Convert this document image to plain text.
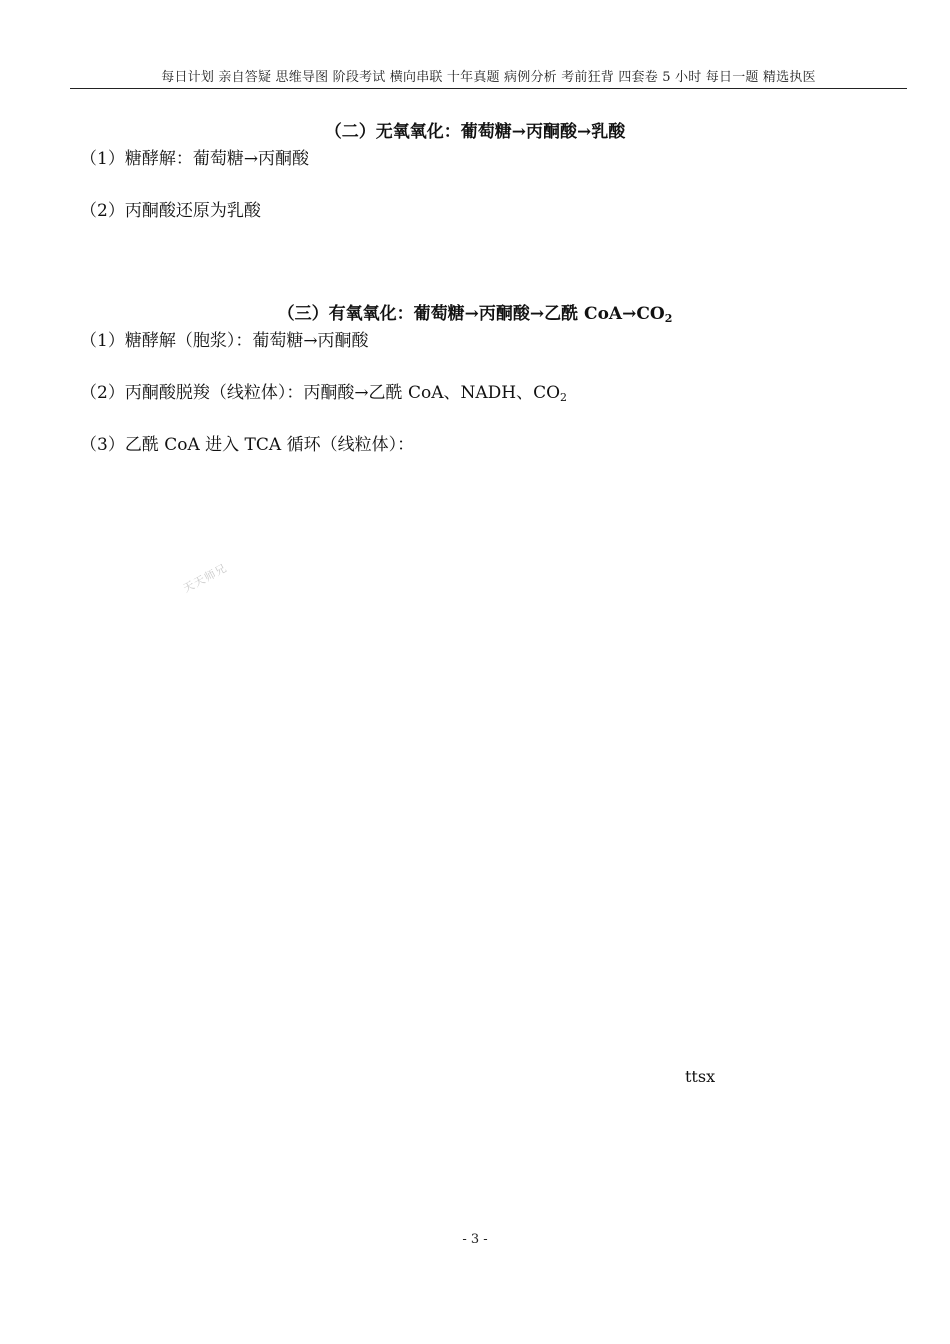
每日计划 亲自答疑 思维导图 阶段考试 横向串联 十年真题 病例分析 考前狂背 四套卷 5 小时 每日一题 精选执医
（二）无氧氧化：葡萄糖→丙酮酸→乳酸
（1）糖酵解：葡萄糖→丙酮酸
（2）丙酮酸还原为乳酸
（三）有氧氧化：葡萄糖→丙酮酸→乙酰 $CoA\to CO_2$
（1）糖酵解（胞浆）：葡萄糖→丙酮酸
（2）丙酮酸脱羧（线粒体）：丙酮酸→乙酰 CoA、NADH、$CO_2$
（3）乙酰 CoA 进入 TCA 循环（线粒体）：
天天师兄
ttsx
- 3 -
